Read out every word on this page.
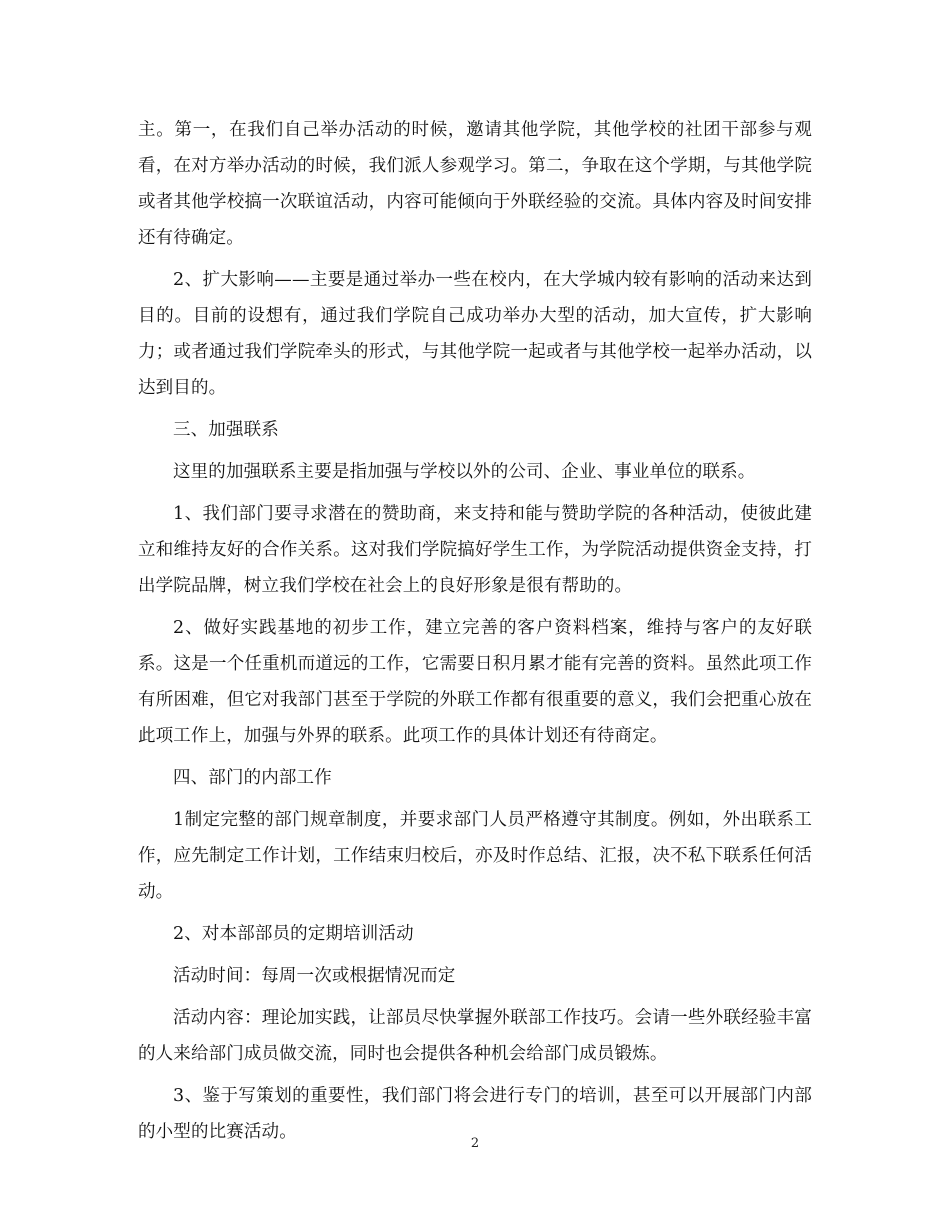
主。第一，在我们自己举办活动的时候，邀请其他学院，其他学校的社团干部参与观看，在对方举办活动的时候，我们派人参观学习。第二，争取在这个学期，与其他学院或者其他学校搞一次联谊活动，内容可能倾向于外联经验的交流。具体内容及时间安排还有待确定。

2、扩大影响——主要是通过举办一些在校内，在大学城内较有影响的活动来达到目的。目前的设想有，通过我们学院自己成功举办大型的活动，加大宣传，扩大影响力；或者通过我们学院牵头的形式，与其他学院一起或者与其他学校一起举办活动，以达到目的。

三、加强联系

这里的加强联系主要是指加强与学校以外的公司、企业、事业单位的联系。

1、我们部门要寻求潜在的赞助商，来支持和能与赞助学院的各种活动，使彼此建立和维持友好的合作关系。这对我们学院搞好学生工作，为学院活动提供资金支持，打出学院品牌，树立我们学校在社会上的良好形象是很有帮助的。

2、做好实践基地的初步工作，建立完善的客户资料档案，维持与客户的友好联系。这是一个任重机而道远的工作，它需要日积月累才能有完善的资料。虽然此项工作有所困难，但它对我部门甚至于学院的外联工作都有很重要的意义，我们会把重心放在此项工作上，加强与外界的联系。此项工作的具体计划还有待商定。

四、部门的内部工作

1制定完整的部门规章制度，并要求部门人员严格遵守其制度。例如，外出联系工作，应先制定工作计划，工作结束归校后，亦及时作总结、汇报，决不私下联系任何活动。

2、对本部部员的定期培训活动

活动时间：每周一次或根据情况而定

活动内容：理论加实践，让部员尽快掌握外联部工作技巧。会请一些外联经验丰富的人来给部门成员做交流，同时也会提供各种机会给部门成员锻炼。

3、鉴于写策划的重要性，我们部门将会进行专门的培训，甚至可以开展部门内部的小型的比赛活动。

2
